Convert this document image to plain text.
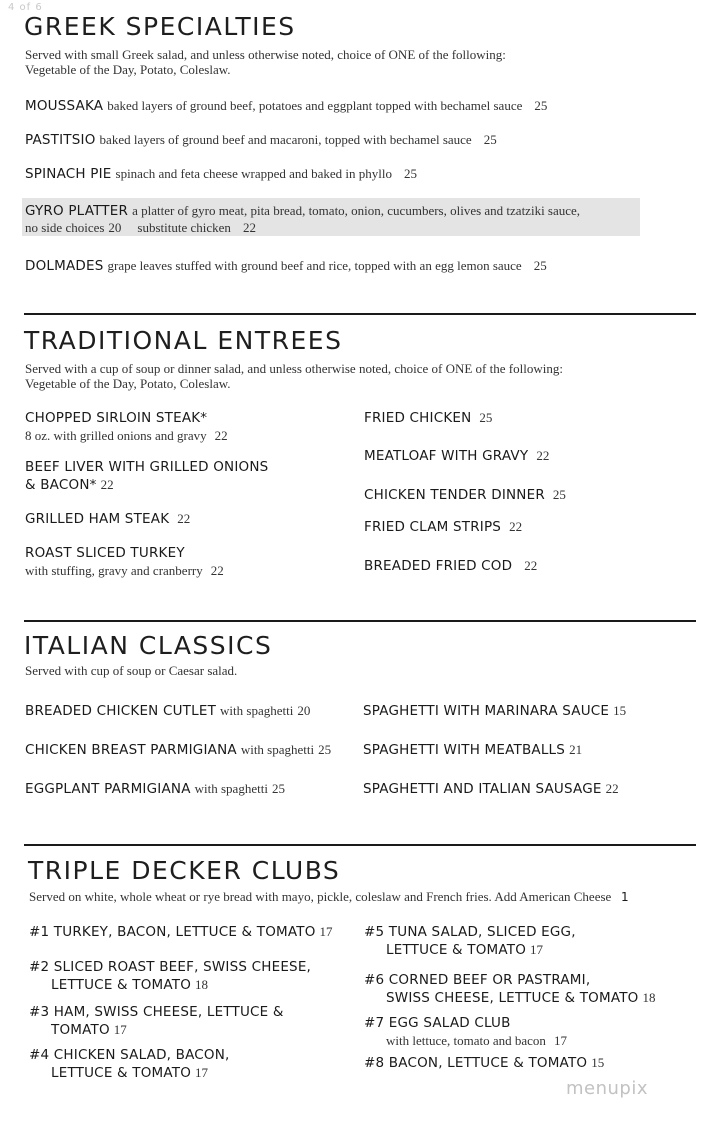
4 of 6
GREEK SPECIALTIES
Served with small Greek salad, and unless otherwise noted, choice of ONE of the following:
Vegetable of the Day, Potato, Coleslaw.
MOUSSAKA baked layers of ground beef, potatoes and eggplant topped with bechamel sauce 25
PASTITSIO baked layers of ground beef and macaroni, topped with bechamel sauce 25
SPINACH PIE spinach and feta cheese wrapped and baked in phyllo 25
GYRO PLATTER a platter of gyro meat, pita bread, tomato, onion, cucumbers, olives and tzatziki sauce,
no side choices 20 substitute chicken 22
DOLMADES grape leaves stuffed with ground beef and rice, topped with an egg lemon sauce 25
TRADITIONAL ENTREES
Served with a cup of soup or dinner salad, and unless otherwise noted, choice of ONE of the following:
Vegetable of the Day, Potato, Coleslaw.
CHOPPED SIRLOIN STEAK*
8 oz. with grilled onions and gravy 22
BEEF LIVER WITH GRILLED ONIONS
& BACON* 22
GRILLED HAM STEAK 22
ROAST SLICED TURKEY
with stuffing, gravy and cranberry 22
FRIED CHICKEN 25
MEATLOAF WITH GRAVY 22
CHICKEN TENDER DINNER 25
FRIED CLAM STRIPS 22
BREADED FRIED COD 22
ITALIAN CLASSICS
Served with cup of soup or Caesar salad.
BREADED CHICKEN CUTLET with spaghetti 20
CHICKEN BREAST PARMIGIANA with spaghetti 25
EGGPLANT PARMIGIANA with spaghetti 25
SPAGHETTI WITH MARINARA SAUCE 15
SPAGHETTI WITH MEATBALLS 21
SPAGHETTI AND ITALIAN SAUSAGE 22
TRIPLE DECKER CLUBS
Served on white, whole wheat or rye bread with mayo, pickle, coleslaw and French fries. Add American Cheese 1
#1 TURKEY, BACON, LETTUCE & TOMATO 17
#2 SLICED ROAST BEEF, SWISS CHEESE,
LETTUCE & TOMATO 18
#3 HAM, SWISS CHEESE, LETTUCE &
TOMATO 17
#4 CHICKEN SALAD, BACON,
LETTUCE & TOMATO 17
#5 TUNA SALAD, SLICED EGG,
LETTUCE & TOMATO 17
#6 CORNED BEEF OR PASTRAMI,
SWISS CHEESE, LETTUCE & TOMATO 18
#7 EGG SALAD CLUB
with lettuce, tomato and bacon 17
#8 BACON, LETTUCE & TOMATO 15
menupix
